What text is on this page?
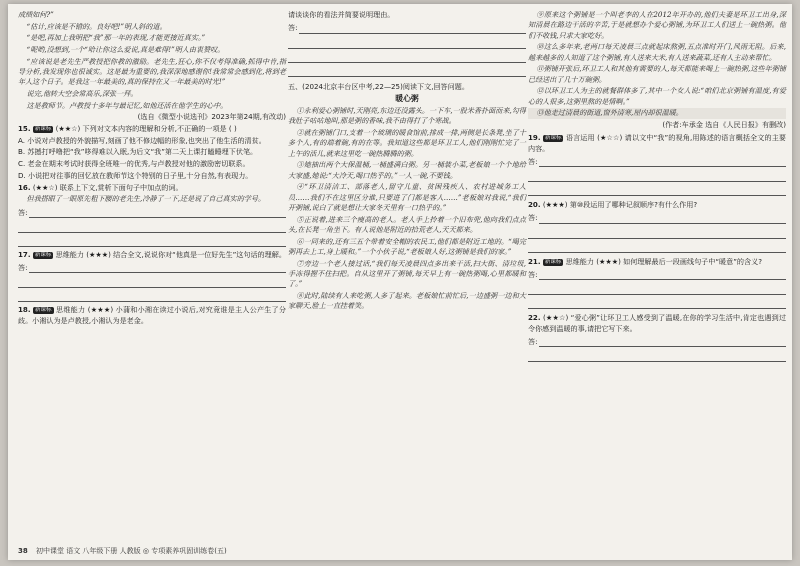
成绩如何?”

“估计,应该是不错的。良好吧!”明人斜的道。

“是吧,再加上我明把“我”那一年的表现,才能更接近真实。”

“呢哟,没想到,一个“哈让你这么爱说,真是难得!”明人由衷赞叹。

“应该说是老先生严教授把你教的激励。老先生,狂心,你不仅考得准确,抓得中肯,指导分析,我发现你也很诚实。这是最为重要的,我深深地感谢你!我常常会感到化,将到老年人这个日子。是我这一年最美的,真的保持在又一年最美的时光!”

说完,他转大空会常高乐,深张一拜。

这是教师节。卢教授十多年与最记忆,如他还活在他学生的心中。

(选自《微型小说选刊》2023年第24期,有改动)

15. 新课标 (★★☆) 下列对文本内容的理解和分析,不正确的一项是 ( )

A. 小说对卢教授的外貌描写,刻画了他不修边幅的形象,也突出了他生活的清贫。

B. 苏撼打呼噜把“我”哆得难以入眠,为后文“我”第二天上课打瞌睡埋下伏笔。

C. 老金在期末考试时获得全班唯一的优秀,与卢教授对他的激励密切联系。

D. 小说把对往事的回忆放在教师节这个特别的日子里,十分自然,有表现力。

16. (★★☆) 联系上下文,赏析下面句子中加点的词。

但我搭眼了一眼原先粗下腰的老先生,冷静了一下,还是说了自己真实的学号。

答:

17. 新课标 思维能力 (★★★) 结合全文,说说你对“他真是一位好先生”这句话的理解。

答:

18. 新课标 思维能力 (★★★) 小蒲和小湘在读过小说后,对究竟谁是主人公产生了分歧。小湘认为是卢教授,小湘认为是老金。

请谈谈你的看法并简要说明理由。

答:

五、(2024北京丰台区中考,22—25)阅读下文,回答问题。

暖心粥

①永利爱心粥铺时,天刚亮,东边还没露头。一下车,一股米香扑面而来,勾得我肚子咕咕地叫,那是粥的香味,我不由得打了个寒战。

②就在粥铺门口,支着一个玻璃的暖食馆前,排成一排,两侧是长条凳,坐了十多个人,有的端着碗,有的在等。我知道这些都是环卫工人,他们刚刚忙完了一上午的活儿,就来这里吃一碗热腾腾的粥。

③她抽出两个大保温桶,一桶盛满白粥。另一桶装小菜,老板娘一个个地给大家盛,她说:“大冷天,喝口热乎的。”一人一碗,不要钱。

④“环卫清洁工、部落老人,留守儿童、贫困残疾人、农村进城务工人员……我们不在这里区分谁,只要进了门都是客人……”老板娘对我说,“我们开粥铺,说白了就是想让大家冬天里有一口热乎的。”

⑤正说着,进来三个瘦高的老人。老人手上拎着一个旧布兜,他向我们点点头,在长凳一角坐下。有人说他是附近的拾荒老人,天天都来。

⑥一同来的,还有三五个带着安全帽的农民工,他们都是附近工地的。“喝完粥再去上工,身上暖和。”一个小伙子说,“老板娘人好,这粥铺是我们的家。”

⑦旁边一个老人接过话,“我们每天凌晨四点多出来干活,扫大街、清垃圾,手冻得握不住扫把。自从这里开了粥铺,每天早上有一碗热粥喝,心里都暖和了。”

⑧此时,陆续有人来吃粥,人多了起来。老板娘忙前忙后,一边盛粥一边和大家聊天,脸上一直挂着笑。

⑨原来这个粥铺是一个叫老李的人在2012年开办的,他们夫妻是环卫工出身,深知清晨在路边干活的辛苦,于是就想办个爱心粥铺,为环卫工人们送上一碗热粥。他们不收钱,只求大家吃好。

⑩这么多年来,老两口每天凌晨三点就起床熬粥,五点准时开门,风雨无阻。后来,越来越多的人知道了这个粥铺,有人送来大米,有人送来蔬菜,还有人主动来帮忙。

⑪粥铺开张后,环卫工人和其他有需要的人,每天都能来喝上一碗热粥,这些年粥铺已经送出了几十万碗粥。

⑫以环卫工人为主的就餐群体多了,其中一个女人说:“咱们北京粥铺有温度,有爱心的人很多,这粥里熬的是情啊。”

⑬他走过清晨的街道,窗外清寒,屋内却很温暖。

(作者:车承金 选自《人民日报》有删改)

19. 新课标 语言运用 (★☆☆) 请以文中“我”的视角,用陈述的语言概括全文的主要内容。

答:

20. (★★★) 第⑩段运用了哪种记叙顺序?有什么作用?

答:

21. 新课标 思维能力 (★★★) 如何理解最后一段画线句子中“暖意”的含义?

答:

22. (★★☆) “爱心粥”让环卫工人感受到了温暖,在你的学习生活中,肯定也遇到过令你感到温暖的事,请把它写下来。

答:
38 初中课堂 语文 八年级下册 人教版 ◎ 专项素养巩固训练卷(五)
